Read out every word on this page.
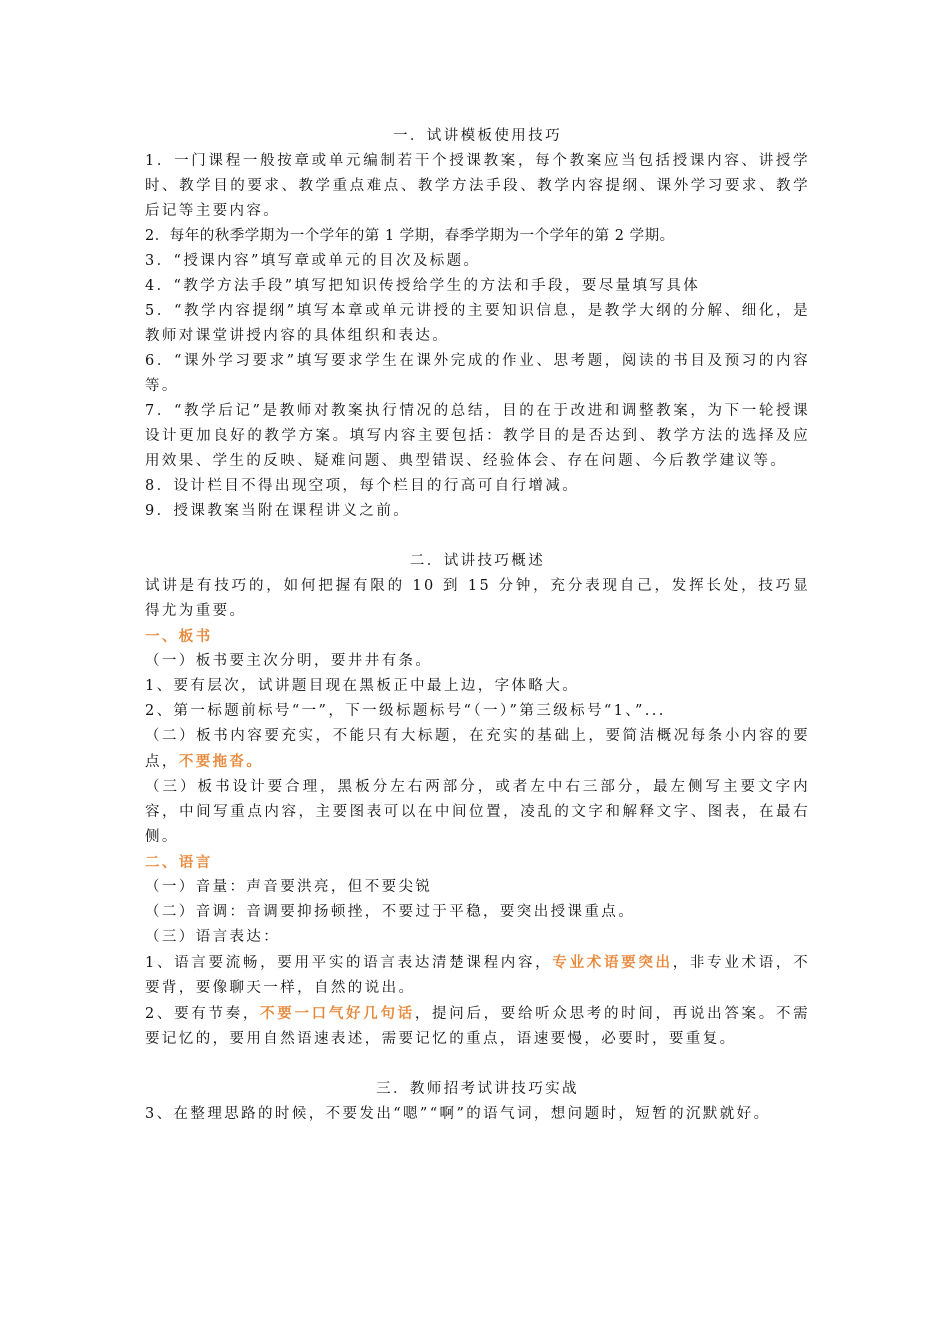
一．试讲模板使用技巧

1．一门课程一般按章或单元编制若干个授课教案，每个教案应当包括授课内容、讲授学时、教学目的要求、教学重点难点、教学方法手段、教学内容提纲、课外学习要求、教学后记等主要内容。

2．每年的秋季学期为一个学年的第 1 学期，春季学期为一个学年的第 2 学期。

3．“授课内容”填写章或单元的目次及标题。

4．“教学方法手段”填写把知识传授给学生的方法和手段，要尽量填写具体

5．“教学内容提纲”填写本章或单元讲授的主要知识信息，是教学大纲的分解、细化，是教师对课堂讲授内容的具体组织和表达。

6．“课外学习要求”填写要求学生在课外完成的作业、思考题，阅读的书目及预习的内容等。

7．“教学后记”是教师对教案执行情况的总结，目的在于改进和调整教案，为下一轮授课设计更加良好的教学方案。填写内容主要包括：教学目的是否达到、教学方法的选择及应用效果、学生的反映、疑难问题、典型错误、经验体会、存在问题、今后教学建议等。

8．设计栏目不得出现空项，每个栏目的行高可自行增减。

9．授课教案当附在课程讲义之前。

二．试讲技巧概述

试讲是有技巧的，如何把握有限的 10 到 15 分钟，充分表现自己，发挥长处，技巧显得尤为重要。

一、板书

（一）板书要主次分明，要井井有条。

1、要有层次，试讲题目现在黑板正中最上边，字体略大。

2、第一标题前标号“一”，下一级标题标号“（一）”第三级标号“1、”...

（二）板书内容要充实，不能只有大标题，在充实的基础上，要简洁概况每条小内容的要点，不要拖沓。

（三）板书设计要合理，黑板分左右两部分，或者左中右三部分，最左侧写主要文字内容，中间写重点内容，主要图表可以在中间位置，凌乱的文字和解释文字、图表，在最右侧。

二、语言

（一）音量：声音要洪亮，但不要尖锐

（二）音调：音调要抑扬顿挫，不要过于平稳，要突出授课重点。

（三）语言表达：

1、语言要流畅，要用平实的语言表达清楚课程内容，专业术语要突出，非专业术语，不要背，要像聊天一样，自然的说出。

2、要有节奏，不要一口气好几句话，提问后，要给听众思考的时间，再说出答案。不需要记忆的，要用自然语速表述，需要记忆的重点，语速要慢，必要时，要重复。

三．教师招考试讲技巧实战

3、在整理思路的时候，不要发出“嗯”“啊”的语气词，想问题时，短暂的沉默就好。
